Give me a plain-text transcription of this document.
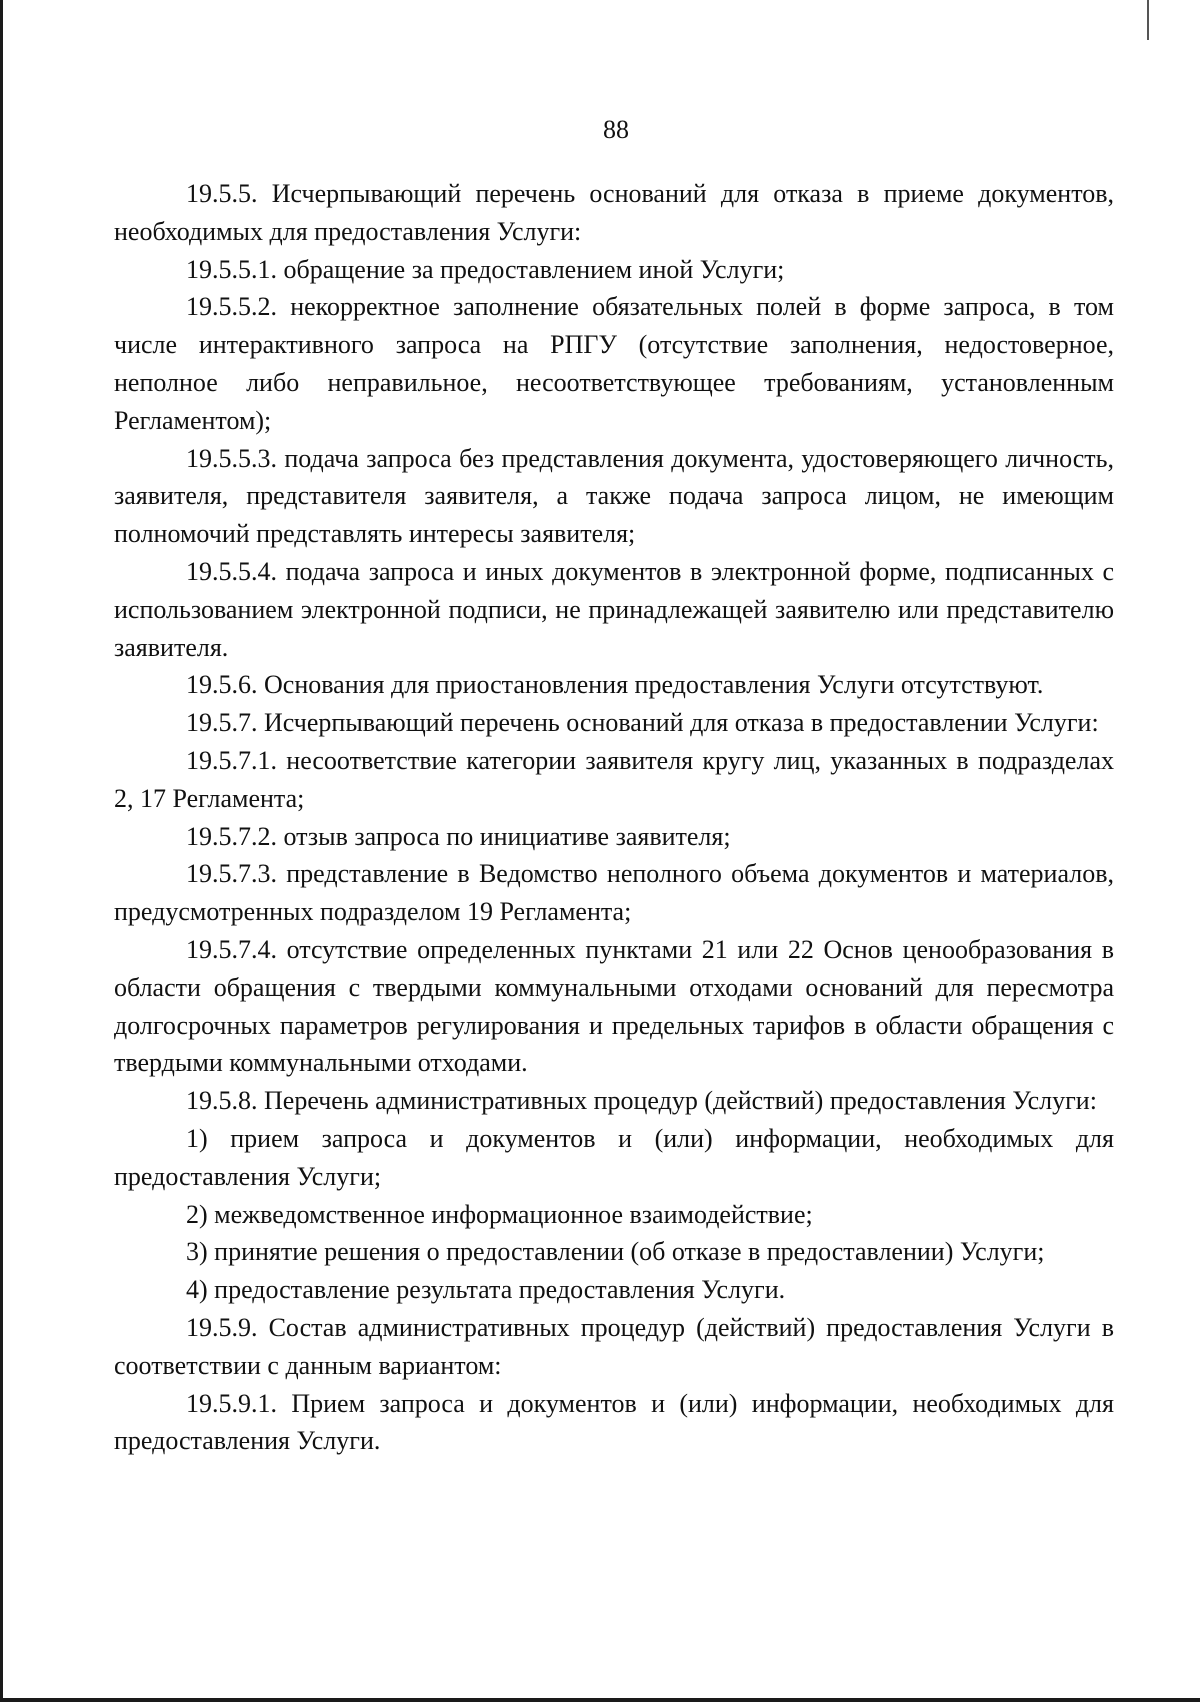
88

19.5.5. Исчерпывающий перечень оснований для отказа в приеме документов, необходимых для предоставления Услуги:

19.5.5.1. обращение за предоставлением иной Услуги;

19.5.5.2. некорректное заполнение обязательных полей в форме запроса, в том числе интерактивного запроса на РПГУ (отсутствие заполнения, недостоверное, неполное либо неправильное, несоответствующее требованиям, установленным Регламентом);

19.5.5.3. подача запроса без представления документа, удостоверяющего личность, заявителя, представителя заявителя, а также подача запроса лицом, не имеющим полномочий представлять интересы заявителя;

19.5.5.4. подача запроса и иных документов в электронной форме, подписанных с использованием электронной подписи, не принадлежащей заявителю или представителю заявителя.

19.5.6. Основания для приостановления предоставления Услуги отсутствуют.

19.5.7. Исчерпывающий перечень оснований для отказа в предоставлении Услуги:

19.5.7.1. несоответствие категории заявителя кругу лиц, указанных в подразделах 2, 17 Регламента;

19.5.7.2. отзыв запроса по инициативе заявителя;

19.5.7.3. представление в Ведомство неполного объема документов и материалов, предусмотренных подразделом 19 Регламента;

19.5.7.4. отсутствие определенных пунктами 21 или 22 Основ ценообразования в области обращения с твердыми коммунальными отходами оснований для пересмотра долгосрочных параметров регулирования и предельных тарифов в области обращения с твердыми коммунальными отходами.

19.5.8. Перечень административных процедур (действий) предоставления Услуги:

1) прием запроса и документов и (или) информации, необходимых для предоставления Услуги;

2) межведомственное информационное взаимодействие;

3) принятие решения о предоставлении (об отказе в предоставлении) Услуги;

4) предоставление результата предоставления Услуги.

19.5.9. Состав административных процедур (действий) предоставления Услуги в соответствии с данным вариантом:

19.5.9.1. Прием запроса и документов и (или) информации, необходимых для предоставления Услуги.
